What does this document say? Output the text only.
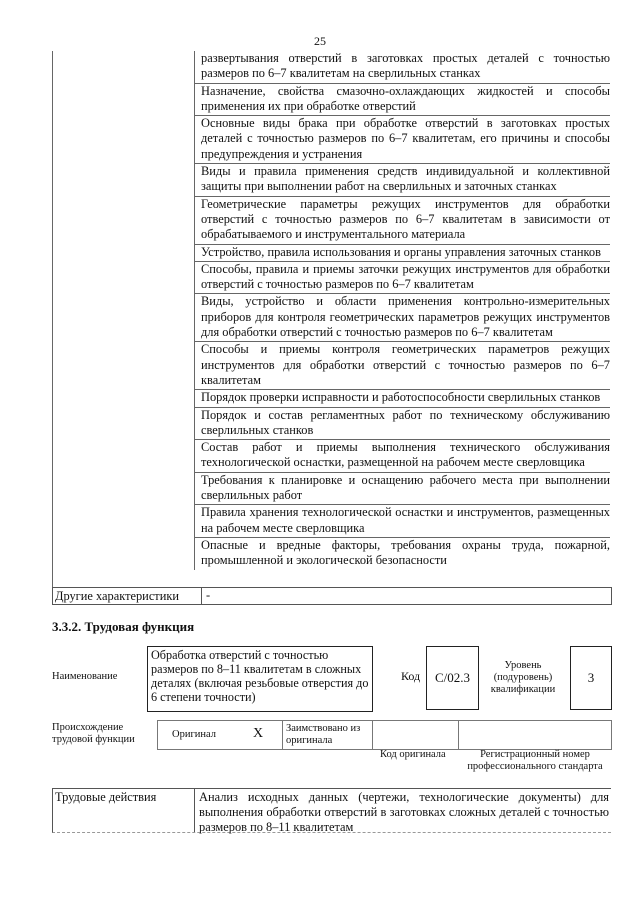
25
развертывания отверстий в заготовках простых деталей с точностью размеров по 6–7 квалитетам на сверлильных станках
Назначение, свойства смазочно-охлаждающих жидкостей и способы применения их при обработке отверстий
Основные виды брака при обработке отверстий в заготовках простых деталей с точностью размеров по 6–7 квалитетам, его причины и способы предупреждения и устранения
Виды и правила применения средств индивидуальной и коллективной защиты при выполнении работ на сверлильных и заточных станках
Геометрические параметры режущих инструментов для обработки отверстий с точностью размеров по 6–7 квалитетам в зависимости от обрабатываемого и инструментального материала
Устройство, правила использования и органы управления заточных станков
Способы, правила и приемы заточки режущих инструментов для обработки отверстий с точностью размеров по 6–7 квалитетам
Виды, устройство и области применения контрольно-измерительных приборов для контроля геометрических параметров режущих инструментов для обработки отверстий с точностью размеров по 6–7 квалитетам
Способы и приемы контроля геометрических параметров режущих инструментов для обработки отверстий с точностью размеров по 6–7 квалитетам
Порядок проверки исправности и работоспособности сверлильных станков
Порядок и состав регламентных работ по техническому обслуживанию сверлильных станков
Состав работ и приемы выполнения технического обслуживания технологической оснастки, размещенной на рабочем месте сверловщика
Требования к планировке и оснащению рабочего места при выполнении сверлильных работ
Правила хранения технологической оснастки и инструментов, размещенных на рабочем месте сверловщика
Опасные и вредные факторы, требования охраны труда, пожарной, промышленной и экологической безопасности
Другие характеристики	-
3.3.2. Трудовая функция
Наименование
Обработка отверстий с точностью размеров по 8–11 квалитетам в сложных деталях (включая резьбовые отверстия до 6 степени точности)
Код	С/02.3
Уровень (подуровень) квалификации
3
Происхождение трудовой функции	Оригинал	X Заимствовано из оригинала
Код оригинала	Регистрационный номер профессионального стандарта
Трудовые действия	Анализ исходных данных (чертежи, технологические документы) для выполнения обработки отверстий в заготовках сложных деталей с точностью размеров по 8–11 квалитетам
